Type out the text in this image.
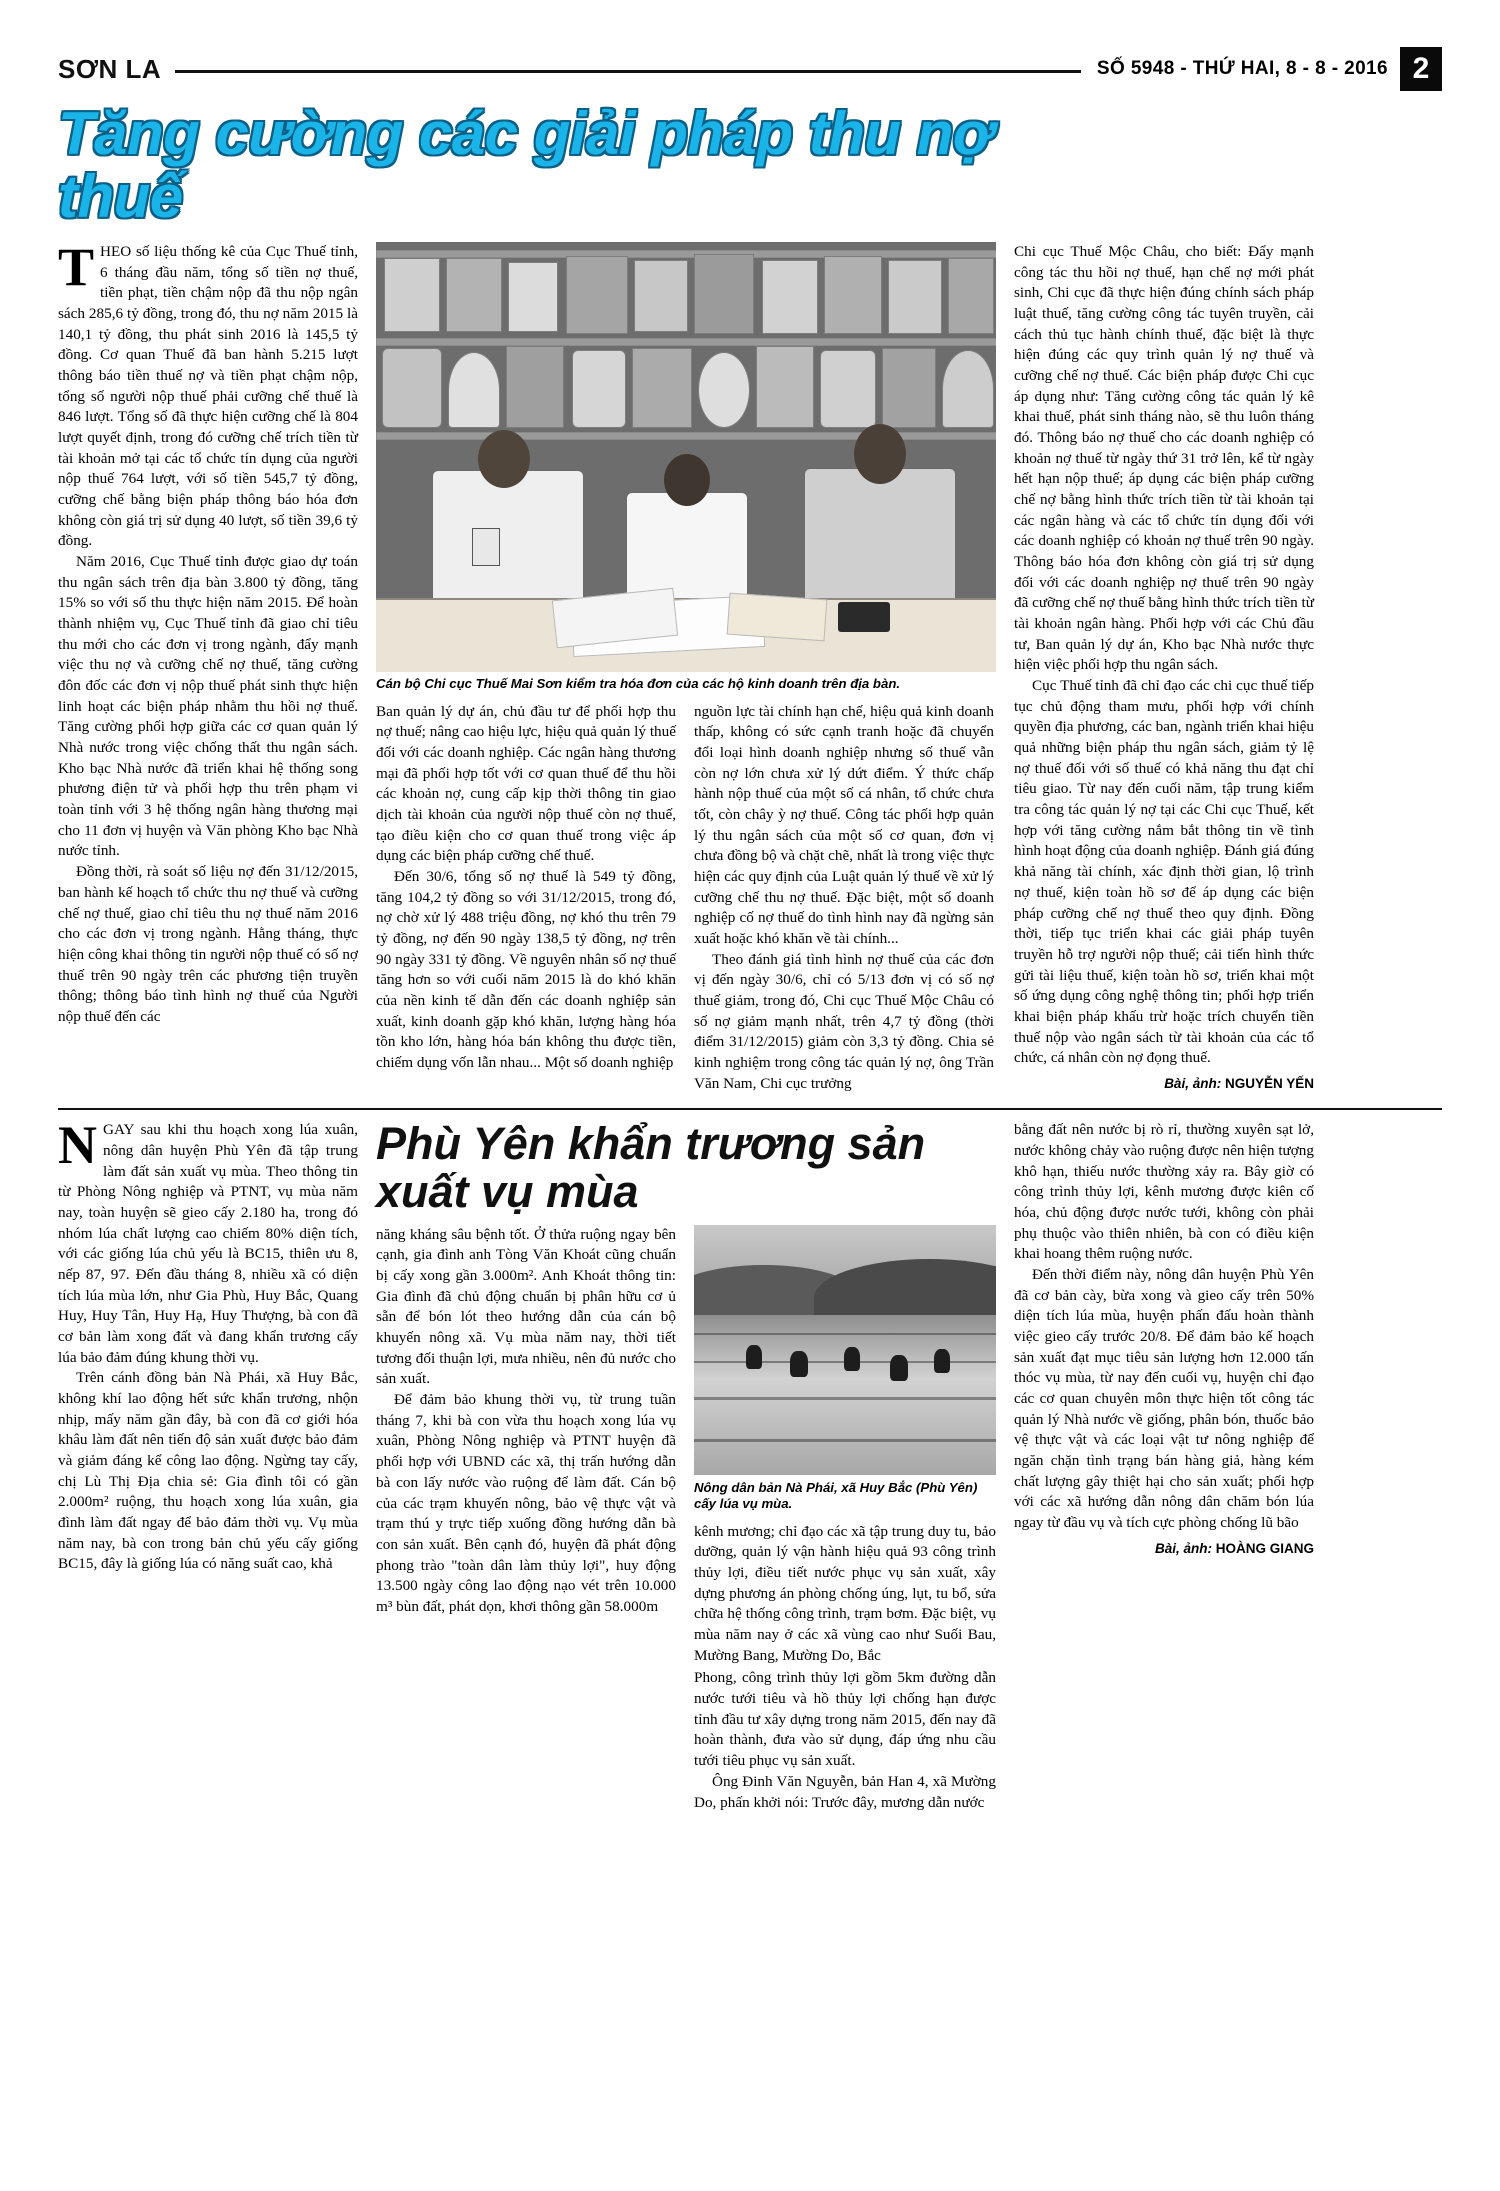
SƠN LA	SỐ 5948 - THỨ HAI, 8 - 8 - 2016 2
Tăng cường các giải pháp thu nợ thuế

THEO số liệu thống kê của Cục Thuế tỉnh, 6 tháng đầu năm, tổng số tiền nợ thuế, tiền phạt, tiền chậm nộp đã thu nộp ngân sách 285,6 tỷ đồng, trong đó, thu nợ năm 2015 là 140,1 tỷ đồng, thu phát sinh 2016 là 145,5 tỷ đồng. Cơ quan Thuế đã ban hành 5.215 lượt thông báo tiền thuế nợ và tiền phạt chậm nộp, tổng số người nộp thuế phải cưỡng chế thuế là 846 lượt. Tổng số đã thực hiện cưỡng chế là 804 lượt quyết định, trong đó cưỡng chế trích tiền từ tài khoản mở tại các tổ chức tín dụng của người nộp thuế 764 lượt, với số tiền 545,7 tỷ đồng, cưỡng chế bằng biện pháp thông báo hóa đơn không còn giá trị sử dụng 40 lượt, số tiền 39,6 tỷ đồng.

Năm 2016, Cục Thuế tỉnh được giao dự toán thu ngân sách trên địa bàn 3.800 tỷ đồng, tăng 15% so với số thu thực hiện năm 2015. Để hoàn thành nhiệm vụ, Cục Thuế tỉnh đã giao chỉ tiêu thu mới cho các đơn vị trong ngành, đẩy mạnh việc thu nợ và cưỡng chế nợ thuế, tăng cường đôn đốc các đơn vị nộp thuế phát sinh thực hiện linh hoạt các biện pháp nhằm thu hồi nợ thuế. Tăng cường phối hợp giữa các cơ quan quản lý Nhà nước trong việc chống thất thu ngân sách. Kho bạc Nhà nước đã triển khai hệ thống song phương điện tử và phối hợp thu trên phạm vi toàn tỉnh với 3 hệ thống ngân hàng thương mại cho 11 đơn vị huyện và Văn phòng Kho bạc Nhà nước tỉnh.

Đồng thời, rà soát số liệu nợ đến 31/12/2015, ban hành kế hoạch tổ chức thu nợ thuế và cưỡng chế nợ thuế, giao chỉ tiêu thu nợ thuế năm 2016 cho các đơn vị trong ngành. Hằng tháng, thực hiện công khai thông tin người nộp thuế có số nợ thuế trên 90 ngày trên các phương tiện truyền thông; thông báo tình hình nợ thuế của Người nộp thuế đến các

Cán bộ Chi cục Thuế Mai Sơn kiểm tra hóa đơn của các hộ kinh doanh trên địa bàn.

Ban quản lý dự án, chủ đầu tư để phối hợp thu nợ thuế; nâng cao hiệu lực, hiệu quả quản lý thuế đối với các doanh nghiệp. Các ngân hàng thương mại đã phối hợp tốt với cơ quan thuế để thu hồi các khoản nợ, cung cấp kịp thời thông tin giao dịch tài khoản của người nộp thuế còn nợ thuế, tạo điều kiện cho cơ quan thuế trong việc áp dụng các biện pháp cưỡng chế thuế.

Đến 30/6, tổng số nợ thuế là 549 tỷ đồng, tăng 104,2 tỷ đồng so với 31/12/2015, trong đó, nợ chờ xử lý 488 triệu đồng, nợ khó thu trên 79 tỷ đồng, nợ đến 90 ngày 138,5 tỷ đồng, nợ trên 90 ngày 331 tỷ đồng. Về nguyên nhân số nợ thuế tăng hơn so với cuối năm 2015 là do khó khăn của nền kinh tế dẫn đến các doanh nghiệp sản xuất, kinh doanh gặp khó khăn, lượng hàng hóa tồn kho lớn, hàng hóa bán không thu được tiền, chiếm dụng vốn lẫn nhau... Một số doanh nghiệp

nguồn lực tài chính hạn chế, hiệu quả kinh doanh thấp, không có sức cạnh tranh hoặc đã chuyển đổi loại hình doanh nghiệp nhưng số thuế vẫn còn nợ lớn chưa xử lý dứt điểm. Ý thức chấp hành nộp thuế của một số cá nhân, tổ chức chưa tốt, còn chây ỳ nợ thuế. Công tác phối hợp quản lý thu ngân sách của một số cơ quan, đơn vị chưa đồng bộ và chặt chẽ, nhất là trong việc thực hiện các quy định của Luật quản lý thuế về xử lý cưỡng chế thu nợ thuế. Đặc biệt, một số doanh nghiệp cố nợ thuế do tình hình nay đã ngừng sản xuất hoặc khó khăn về tài chính...

Theo đánh giá tình hình nợ thuế của các đơn vị đến ngày 30/6, chỉ có 5/13 đơn vị có số nợ thuế giảm, trong đó, Chi cục Thuế Mộc Châu có số nợ giảm mạnh nhất, trên 4,7 tỷ đồng (thời điểm 31/12/2015) giảm còn 3,3 tỷ đồng. Chia sẻ kinh nghiệm trong công tác quản lý nợ, ông Trần Văn Nam, Chi cục trưởng

Chi cục Thuế Mộc Châu, cho biết: Đẩy mạnh công tác thu hồi nợ thuế, hạn chế nợ mới phát sinh, Chi cục đã thực hiện đúng chính sách pháp luật thuế, tăng cường công tác tuyên truyền, cải cách thủ tục hành chính thuế, đặc biệt là thực hiện đúng các quy trình quản lý nợ thuế và cưỡng chế nợ thuế. Các biện pháp được Chi cục áp dụng như: Tăng cường công tác quản lý kê khai thuế, phát sinh tháng nào, sẽ thu luôn tháng đó. Thông báo nợ thuế cho các doanh nghiệp có khoản nợ thuế từ ngày thứ 31 trở lên, kể từ ngày hết hạn nộp thuế; áp dụng các biện pháp cưỡng chế nợ bằng hình thức trích tiền từ tài khoản tại các ngân hàng và các tổ chức tín dụng đối với các doanh nghiệp có khoản nợ thuế trên 90 ngày. Thông báo hóa đơn không còn giá trị sử dụng đối với các doanh nghiệp nợ thuế trên 90 ngày đã cưỡng chế nợ thuế bằng hình thức trích tiền từ tài khoản ngân hàng. Phối hợp với các Chủ đầu tư, Ban quản lý dự án, Kho bạc Nhà nước thực hiện việc phối hợp thu ngân sách.

Cục Thuế tỉnh đã chỉ đạo các chi cục thuế tiếp tục chủ động tham mưu, phối hợp với chính quyền địa phương, các ban, ngành triển khai hiệu quả những biện pháp thu ngân sách, giảm tỷ lệ nợ thuế đối với số thuế có khả năng thu đạt chỉ tiêu giao. Từ nay đến cuối năm, tập trung kiểm tra công tác quản lý nợ tại các Chi cục Thuế, kết hợp với tăng cường nắm bắt thông tin về tình hình hoạt động của doanh nghiệp. Đánh giá đúng khả năng tài chính, xác định thời gian, lộ trình nợ thuế, kiện toàn hồ sơ để áp dụng các biện pháp cưỡng chế nợ thuế theo quy định. Đồng thời, tiếp tục triển khai các giải pháp tuyên truyền hỗ trợ người nộp thuế; cải tiến hình thức gửi tài liệu thuế, kiện toàn hồ sơ, triển khai một số ứng dụng công nghệ thông tin; phối hợp triển khai biện pháp khấu trừ hoặc trích chuyển tiền thuế nộp vào ngân sách từ tài khoản của các tổ chức, cá nhân còn nợ đọng thuế.

Bài, ảnh: NGUYỄN YẾN

NGAY sau khi thu hoạch xong lúa xuân, nông dân huyện Phù Yên đã tập trung làm đất sản xuất vụ mùa. Theo thông tin từ Phòng Nông nghiệp và PTNT, vụ mùa năm nay, toàn huyện sẽ gieo cấy 2.180 ha, trong đó nhóm lúa chất lượng cao chiếm 80% diện tích, với các giống lúa chủ yếu là BC15, thiên ưu 8, nếp 87, 97. Đến đầu tháng 8, nhiều xã có diện tích lúa mùa lớn, như Gia Phù, Huy Bắc, Quang Huy, Huy Tân, Huy Hạ, Huy Thượng, bà con đã cơ bản làm xong đất và đang khẩn trương cấy lúa bảo đảm đúng khung thời vụ.

Trên cánh đồng bản Nà Phái, xã Huy Bắc, không khí lao động hết sức khẩn trương, nhộn nhịp, mấy năm gần đây, bà con đã cơ giới hóa khâu làm đất nên tiến độ sản xuất được bảo đảm và giảm đáng kể công lao động. Ngừng tay cấy, chị Lù Thị Địa chia sẻ: Gia đình tôi có gần 2.000m² ruộng, thu hoạch xong lúa xuân, gia đình làm đất ngay để bảo đảm thời vụ. Vụ mùa năm nay, bà con trong bản chủ yếu cấy giống BC15, đây là giống lúa có năng suất cao, khả

Phù Yên khẩn trương sản xuất vụ mùa

năng kháng sâu bệnh tốt. Ở thửa ruộng ngay bên cạnh, gia đình anh Tòng Văn Khoát cũng chuẩn bị cấy xong gần 3.000m². Anh Khoát thông tin: Gia đình đã chủ động chuẩn bị phân hữu cơ ủ sẵn để bón lót theo hướng dẫn của cán bộ khuyến nông xã. Vụ mùa năm nay, thời tiết tương đối thuận lợi, mưa nhiều, nên đủ nước cho sản xuất.

Để đảm bảo khung thời vụ, từ trung tuần tháng 7, khi bà con vừa thu hoạch xong lúa vụ xuân, Phòng Nông nghiệp và PTNT huyện đã phối hợp với UBND các xã, thị trấn hướng dẫn bà con lấy nước vào ruộng để làm đất. Cán bộ của các trạm khuyến nông, bảo vệ thực vật và trạm thú y trực tiếp xuống đồng hướng dẫn bà con sản xuất. Bên cạnh đó, huyện đã phát động phong trào "toàn dân làm thủy lợi", huy động 13.500 ngày công lao động nạo vét trên 10.000 m³ bùn đất, phát dọn, khơi thông gần 58.000m

Nông dân bản Nà Phái, xã Huy Bắc (Phù Yên) cấy lúa vụ mùa.

kênh mương; chỉ đạo các xã tập trung duy tu, bảo dưỡng, quản lý vận hành hiệu quả 93 công trình thủy lợi, điều tiết nước phục vụ sản xuất, xây dựng phương án phòng chống úng, lụt, tu bổ, sửa chữa hệ thống công trình, trạm bơm. Đặc biệt, vụ mùa năm nay ở các xã vùng cao như Suối Bau, Mường Bang, Mường Do, Bắc

bằng đất nên nước bị rò rỉ, thường xuyên sạt lở, nước không chảy vào ruộng được nên hiện tượng khô hạn, thiếu nước thường xảy ra. Bây giờ có công trình thủy lợi, kênh mương được kiên cố hóa, chủ động được nước tưới, không còn phải phụ thuộc vào thiên nhiên, bà con có điều kiện khai hoang thêm ruộng nước.

Đến thời điểm này, nông dân huyện Phù Yên đã cơ bản cày, bừa xong và gieo cấy trên 50% diện tích lúa mùa, huyện phấn đấu hoàn thành việc gieo cấy trước 20/8. Để đảm bảo kế hoạch sản xuất đạt mục tiêu sản lượng hơn 12.000 tấn thóc vụ mùa, từ nay đến cuối vụ, huyện chỉ đạo các cơ quan chuyên môn thực hiện tốt công tác quản lý Nhà nước về giống, phân bón, thuốc bảo vệ thực vật và các loại vật tư nông nghiệp để ngăn chặn tình trạng bán hàng giả, hàng kém chất lượng gây thiệt hại cho sản xuất; phối hợp với các xã hướng dẫn nông dân chăm bón lúa ngay từ đầu vụ và tích cực phòng chống lũ bão

Bài, ảnh: HOÀNG GIANG

Phong, công trình thủy lợi gồm 5km đường dẫn nước tưới tiêu và hồ thủy lợi chống hạn được tỉnh đầu tư xây dựng trong năm 2015, đến nay đã hoàn thành, đưa vào sử dụng, đáp ứng nhu cầu tưới tiêu phục vụ sản xuất.

Ông Đinh Văn Nguyễn, bản Han 4, xã Mường Do, phấn khởi nói: Trước đây, mương dẫn nước
